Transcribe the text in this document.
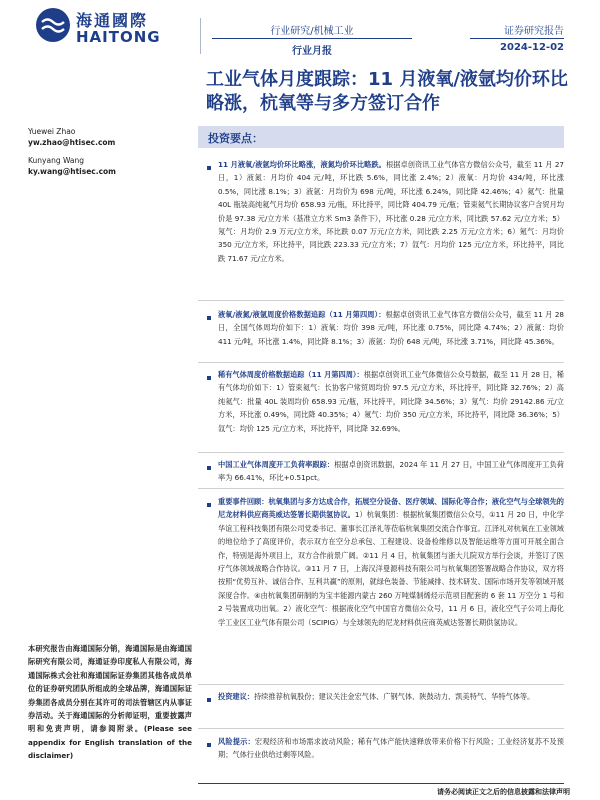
海通國際
HAITONG	行业研究/机械工业
行业月报
证券研究报告
2024-12-02
工业气体月度跟踪：11 月液氧/液氩均价环比略涨，杭氧等与多方签订合作
Yuewei Zhao
yw.zhao@htisec.com
Kunyang Wang
ky.wang@htisec.com
投资要点：
11 月液氧/液氩均价环比略涨，液氮均价环比略跌。根据卓创资讯工业气体官方微信公众号，截至 11 月 27 日，1）液氮：月均价 404 元/吨，环比跌 5.6%，同比涨 2.4%；2）液氧：月均价 434/吨，环比涨 0.5%，同比涨 8.1%；3）液氩：月均价为 698 元/吨，环比涨 6.24%，同比降 42.46%；4）氦气：批量 40L 瓶装高纯氦气月均价 658.93 元/瓶，环比持平，同比降 404.79 元/瓶；管束氦气长期协议客户含贸月均价是 97.38 元/立方米（基准立方米 Sm3 条件下），环比涨 0.28 元/立方米，同比跌 57.62 元/立方米；5）氖气：月均价 2.9 万元/立方米，环比跌 0.07 万元/立方米，同比跌 2.25 万元/立方米；6）氪气：月均价 350 元/立方米，环比持平，同比跌 223.33 元/立方米；7）氙气：月均价 125 元/立方米，环比持平，同比跌 71.67 元/立方米。
液氧/液氮/液氩周度价格数据追踪（11 月第四周）：根据卓创资讯工业气体官方微信公众号，截至 11 月 28 日，全国气体周均价如下：1）液氧：均价 398 元/吨，环比涨 0.75%，同比降 4.74%；2）液氮：均价 411 元/吨，环比涨 1.4%，同比降 8.1%；3）液氩：均价 648 元/吨，环比涨 3.71%，同比降 45.36%。
稀有气体周度价格数据追踪（11 月第四周）：根据卓创资讯工业气体微信公众号数据，截至 11 月 28 日，稀有气体均价如下：1）管束氦气：长协客户常贸周均价 97.5 元/立方米，环比持平，同比降 32.76%；2）高纯氦气：批量 40L 装周均价 658.93 元/瓶，环比持平，同比降 34.56%；3）氖气：均价 29142.86 元/立方米，环比涨 0.49%，同比降 40.35%；4）氪气：均价 350 元/立方米，环比持平，同比降 36.36%；5）氙气：均价 125 元/立方米，环比持平，同比降 32.69%。
中国工业气体周度开工负荷率跟踪：根据卓创资讯数据，2024 年 11 月 27 日，中国工业气体周度开工负荷率为 66.41%，环比+0.51pct。
重要事件回顾：杭氧集团与多方达成合作，拓展空分设备、医疗领域、国际化等合作；液化空气与全球领先的尼龙材料供应商英威达签署长期供氢协议。1）杭氧集团：根据杭氧集团微信公众号，①11 月 20 日，中化学华谊工程科技集团有限公司党委书记、董事长江泽礼等莅临杭氧集团交流合作事宜。江泽礼对杭氧在工业领域的地位给予了高度评价，表示双方在空分总承包、工程建设、设备检维修以及智能运维等方面可开展全面合作，特别是海外项目上，双方合作前景广阔。②11 月 4 日，杭氧集团与浙大儿院双方举行会谈，并签订了医疗气体领域战略合作协议。③11 月 7 日，上海汉洋曼源科技有限公司与杭氧集团签署战略合作协议，双方将按照“优势互补、诚信合作、互利共赢”的原则，就绿色装备、节能减排、技术研发、国际市场开发等领域开展深度合作。④由杭氧集团研制的为宝丰能源内蒙古 260 万吨煤制烯烃示范项目配套的 6 套 11 万空分 1 号和 2 号装置成功出氧。2）液化空气：根据液化空气中国官方微信公众号，11 月 6 日，液化空气子公司上海化学工业区工业气体有限公司（SCIPIG）与全球领先的尼龙材料供应商英威达签署长期供氢协议。
投资建议：持续推荐杭氧股份；建议关注金宏气体、广钢气体、陕鼓动力、凯美特气、华特气体等。
风险提示：宏观经济和市场需求波动风险；稀有气体产能快速释放带来价格下行风险；工业经济复苏不及预期；气体行业供给过剩等风险。
本研究报告由海通国际分销，海通国际是由海通国际研究有限公司，海通证券印度私人有限公司，海通国际株式会社和海通国际证券集团其他各成员单位的证券研究团队所组成的全球品牌，海通国际证券集团各成员分别在其许可的司法管辖区内从事证券活动。关于海通国际的分析师证明，重要披露声明和免责声明，请参阅附录。(Please see appendix for English translation of the disclaimer)
请务必阅读正文之后的信息披露和法律声明
